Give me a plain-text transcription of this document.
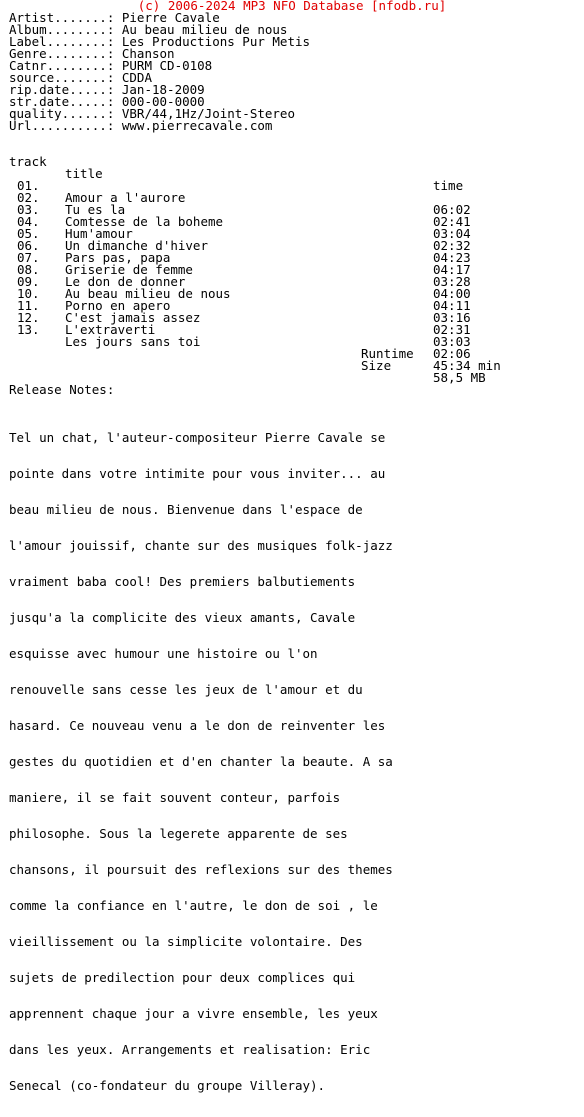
(c) 2006-2024 MP3 NFO Database [nfodb.ru]
Artist.......: Pierre Cavale
Album........: Au beau milieu de nous
Label........: Les Productions Pur Metis
Genre........: Chanson
Catnr........: PURM CD-0108
source.......: CDDA
rip.date.....: Jan-18-2009
str.date.....: 000-00-0000
quality......: VBR/44,1Hz/Joint-Stereo
Url..........: www.pierrecavale.com

track

title

time

01.

Amour a l'aurore

06:02

02.

Tu es la

02:41

03.

Comtesse de la boheme

03:04

04.

Hum'amour

02:32

05.

Un dimanche d'hiver

04:23

06.

Pars pas, papa

04:17

07.

Griserie de femme

03:28

08.

Le don de donner

04:00

09.

Au beau milieu de nous

04:11

10.

Porno en apero

03:16

11.

C'est jamais assez

02:31

12.

L'extraverti

03:03

13.

Les jours sans toi

02:06

Runtime

45:34 min

Size

58,5 MB

Release Notes:

Tel un chat, l'auteur-compositeur Pierre Cavale se

pointe dans votre intimite pour vous inviter... au

beau milieu de nous. Bienvenue dans l'espace de

l'amour jouissif, chante sur des musiques folk-jazz

vraiment baba cool! Des premiers balbutiements

jusqu'a la complicite des vieux amants, Cavale

esquisse avec humour une histoire ou l'on

renouvelle sans cesse les jeux de l'amour et du

hasard. Ce nouveau venu a le don de reinventer les

gestes du quotidien et d'en chanter la beaute. A sa

maniere, il se fait souvent conteur, parfois

philosophe. Sous la legerete apparente de ses

chansons, il poursuit des reflexions sur des themes

comme la confiance en l'autre, le don de soi , le

vieillissement ou la simplicite volontaire. Des

sujets de predilection pour deux complices qui

apprennent chaque jour a vivre ensemble, les yeux

dans les yeux. Arrangements et realisation: Eric

Senecal (co-fondateur du groupe Villeray).
